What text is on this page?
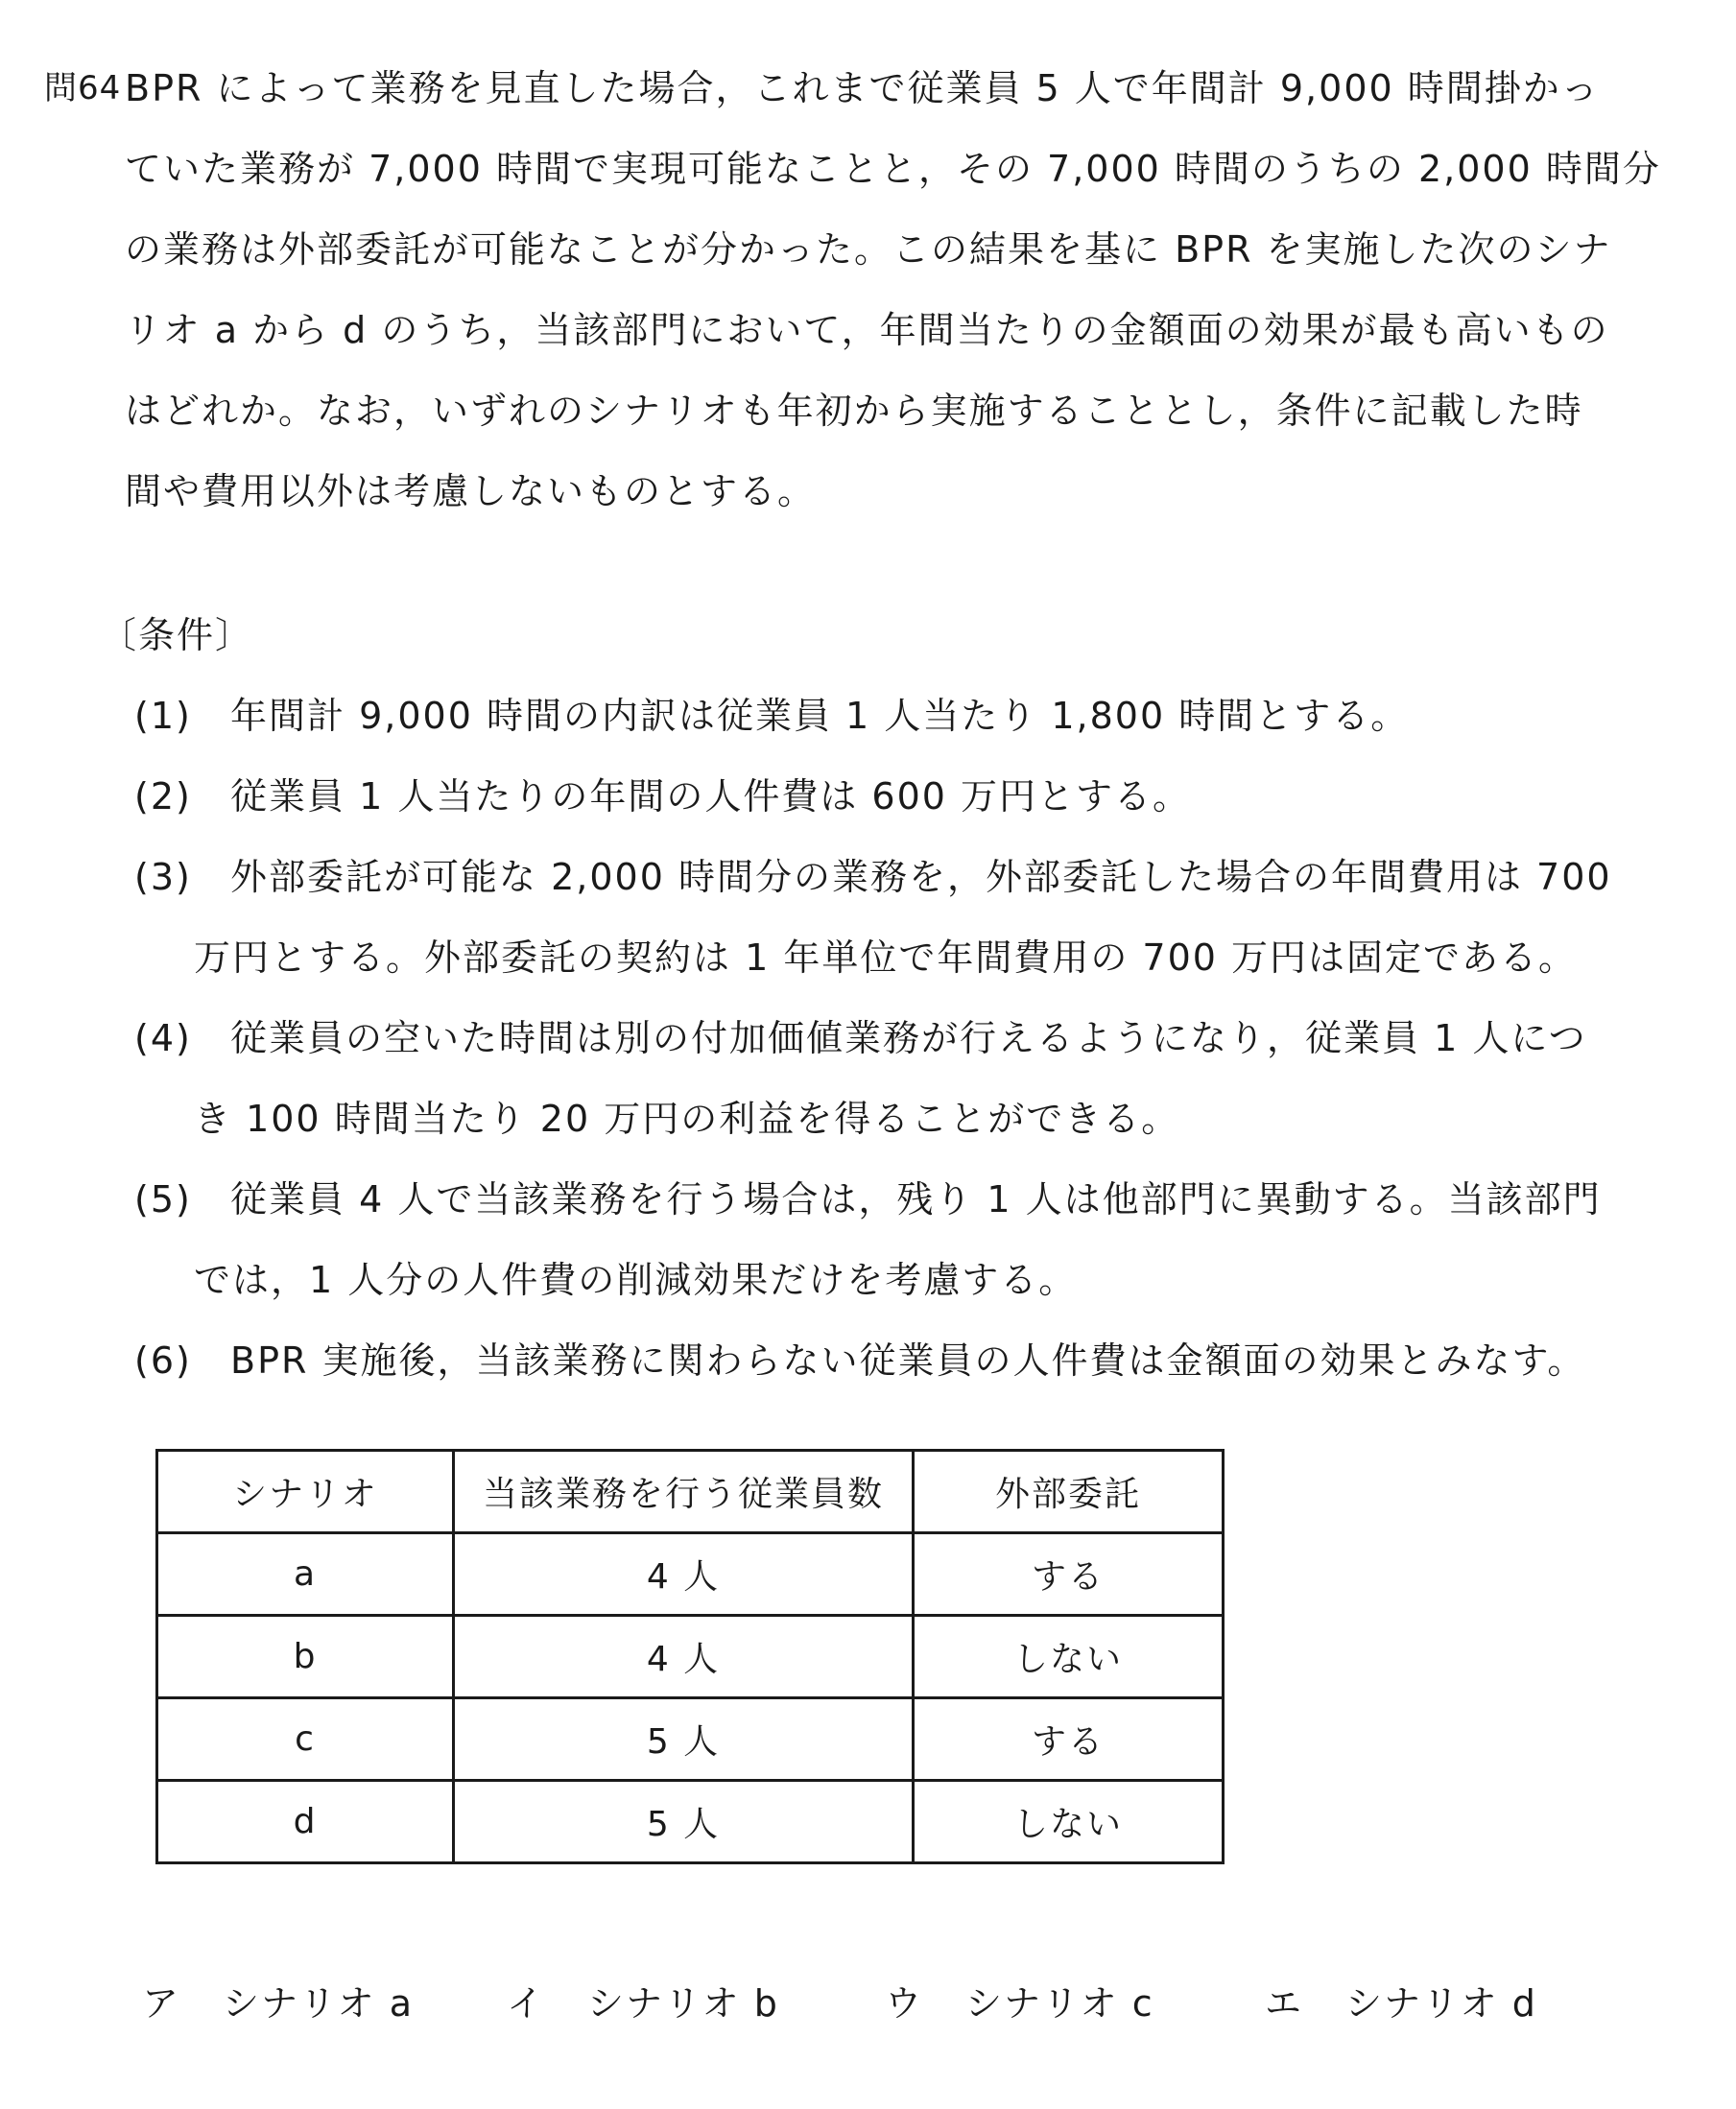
問64 BPR によって業務を見直した場合，これまで従業員 5 人で年間計 9,000 時間掛かっ
ていた業務が 7,000 時間で実現可能なことと，その 7,000 時間のうちの 2,000 時間分
の業務は外部委託が可能なことが分かった。この結果を基に BPR を実施した次のシナ
リオ a から d のうち，当該部門において，年間当たりの金額面の効果が最も高いもの
はどれか。なお，いずれのシナリオも年初から実施することとし，条件に記載した時
間や費用以外は考慮しないものとする。
〔条件〕
(1) 年間計 9,000 時間の内訳は従業員 1 人当たり 1,800 時間とする。
(2) 従業員 1 人当たりの年間の人件費は 600 万円とする。
(3) 外部委託が可能な 2,000 時間分の業務を，外部委託した場合の年間費用は 700
万円とする。外部委託の契約は 1 年単位で年間費用の 700 万円は固定である。
(4) 従業員の空いた時間は別の付加価値業務が行えるようになり，従業員 1 人につ
き 100 時間当たり 20 万円の利益を得ることができる。
(5) 従業員 4 人で当該業務を行う場合は，残り 1 人は他部門に異動する。当該部門
では，1 人分の人件費の削減効果だけを考慮する。
(6) BPR 実施後，当該業務に関わらない従業員の人件費は金額面の効果とみなす。
シナリオ	当該業務を行う従業員数	外部委託
a	4 人	する
b	4 人	しない
c	5 人	する
d	5 人	しない
ア シナリオ a	イ シナリオ b	ウ シナリオ c	エ シナリオ d
